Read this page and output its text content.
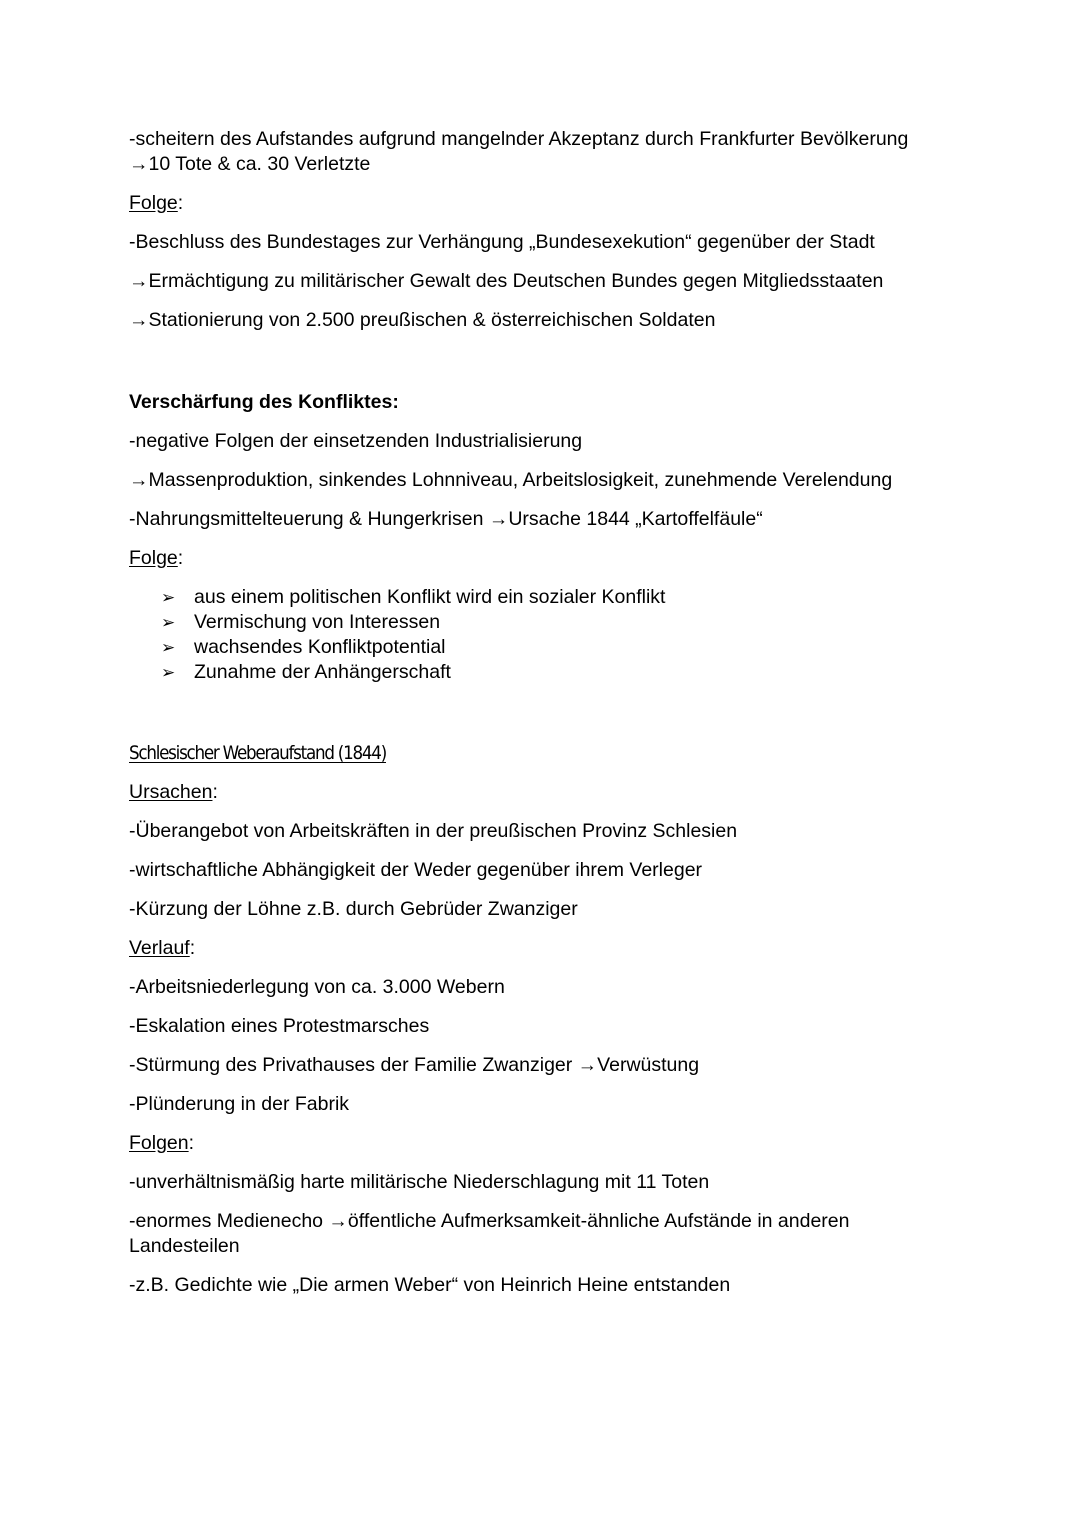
-scheitern des Aufstandes aufgrund mangelnder Akzeptanz durch Frankfurter Bevölkerung

→10 Tote & ca. 30 Verletzte

Folge:

-Beschluss des Bundestages zur Verhängung „Bundesexekution“ gegenüber der Stadt

→Ermächtigung zu militärischer Gewalt des Deutschen Bundes gegen Mitgliedsstaaten

→Stationierung von 2.500 preußischen & österreichischen Soldaten

Verschärfung des Konfliktes:

-negative Folgen der einsetzenden Industrialisierung

→Massenproduktion, sinkendes Lohnniveau, Arbeitslosigkeit, zunehmende Verelendung

-Nahrungsmittelteuerung & Hungerkrisen →Ursache 1844 „Kartoffelfäule“

Folge:

➢ aus einem politischen Konflikt wird ein sozialer Konflikt
➢ Vermischung von Interessen
➢ wachsendes Konfliktpotential
➢ Zunahme der Anhängerschaft

Schlesischer Weberaufstand (1844)

Ursachen:

-Überangebot von Arbeitskräften in der preußischen Provinz Schlesien

-wirtschaftliche Abhängigkeit der Weder gegenüber ihrem Verleger

-Kürzung der Löhne z.B. durch Gebrüder Zwanziger

Verlauf:

-Arbeitsniederlegung von ca. 3.000 Webern

-Eskalation eines Protestmarsches

-Stürmung des Privathauses der Familie Zwanziger →Verwüstung

-Plünderung in der Fabrik

Folgen:

-unverhältnismäßig harte militärische Niederschlagung mit 11 Toten

-enormes Medienecho →öffentliche Aufmerksamkeit-ähnliche Aufstände in anderen Landesteilen

-z.B. Gedichte wie „Die armen Weber“ von Heinrich Heine entstanden
